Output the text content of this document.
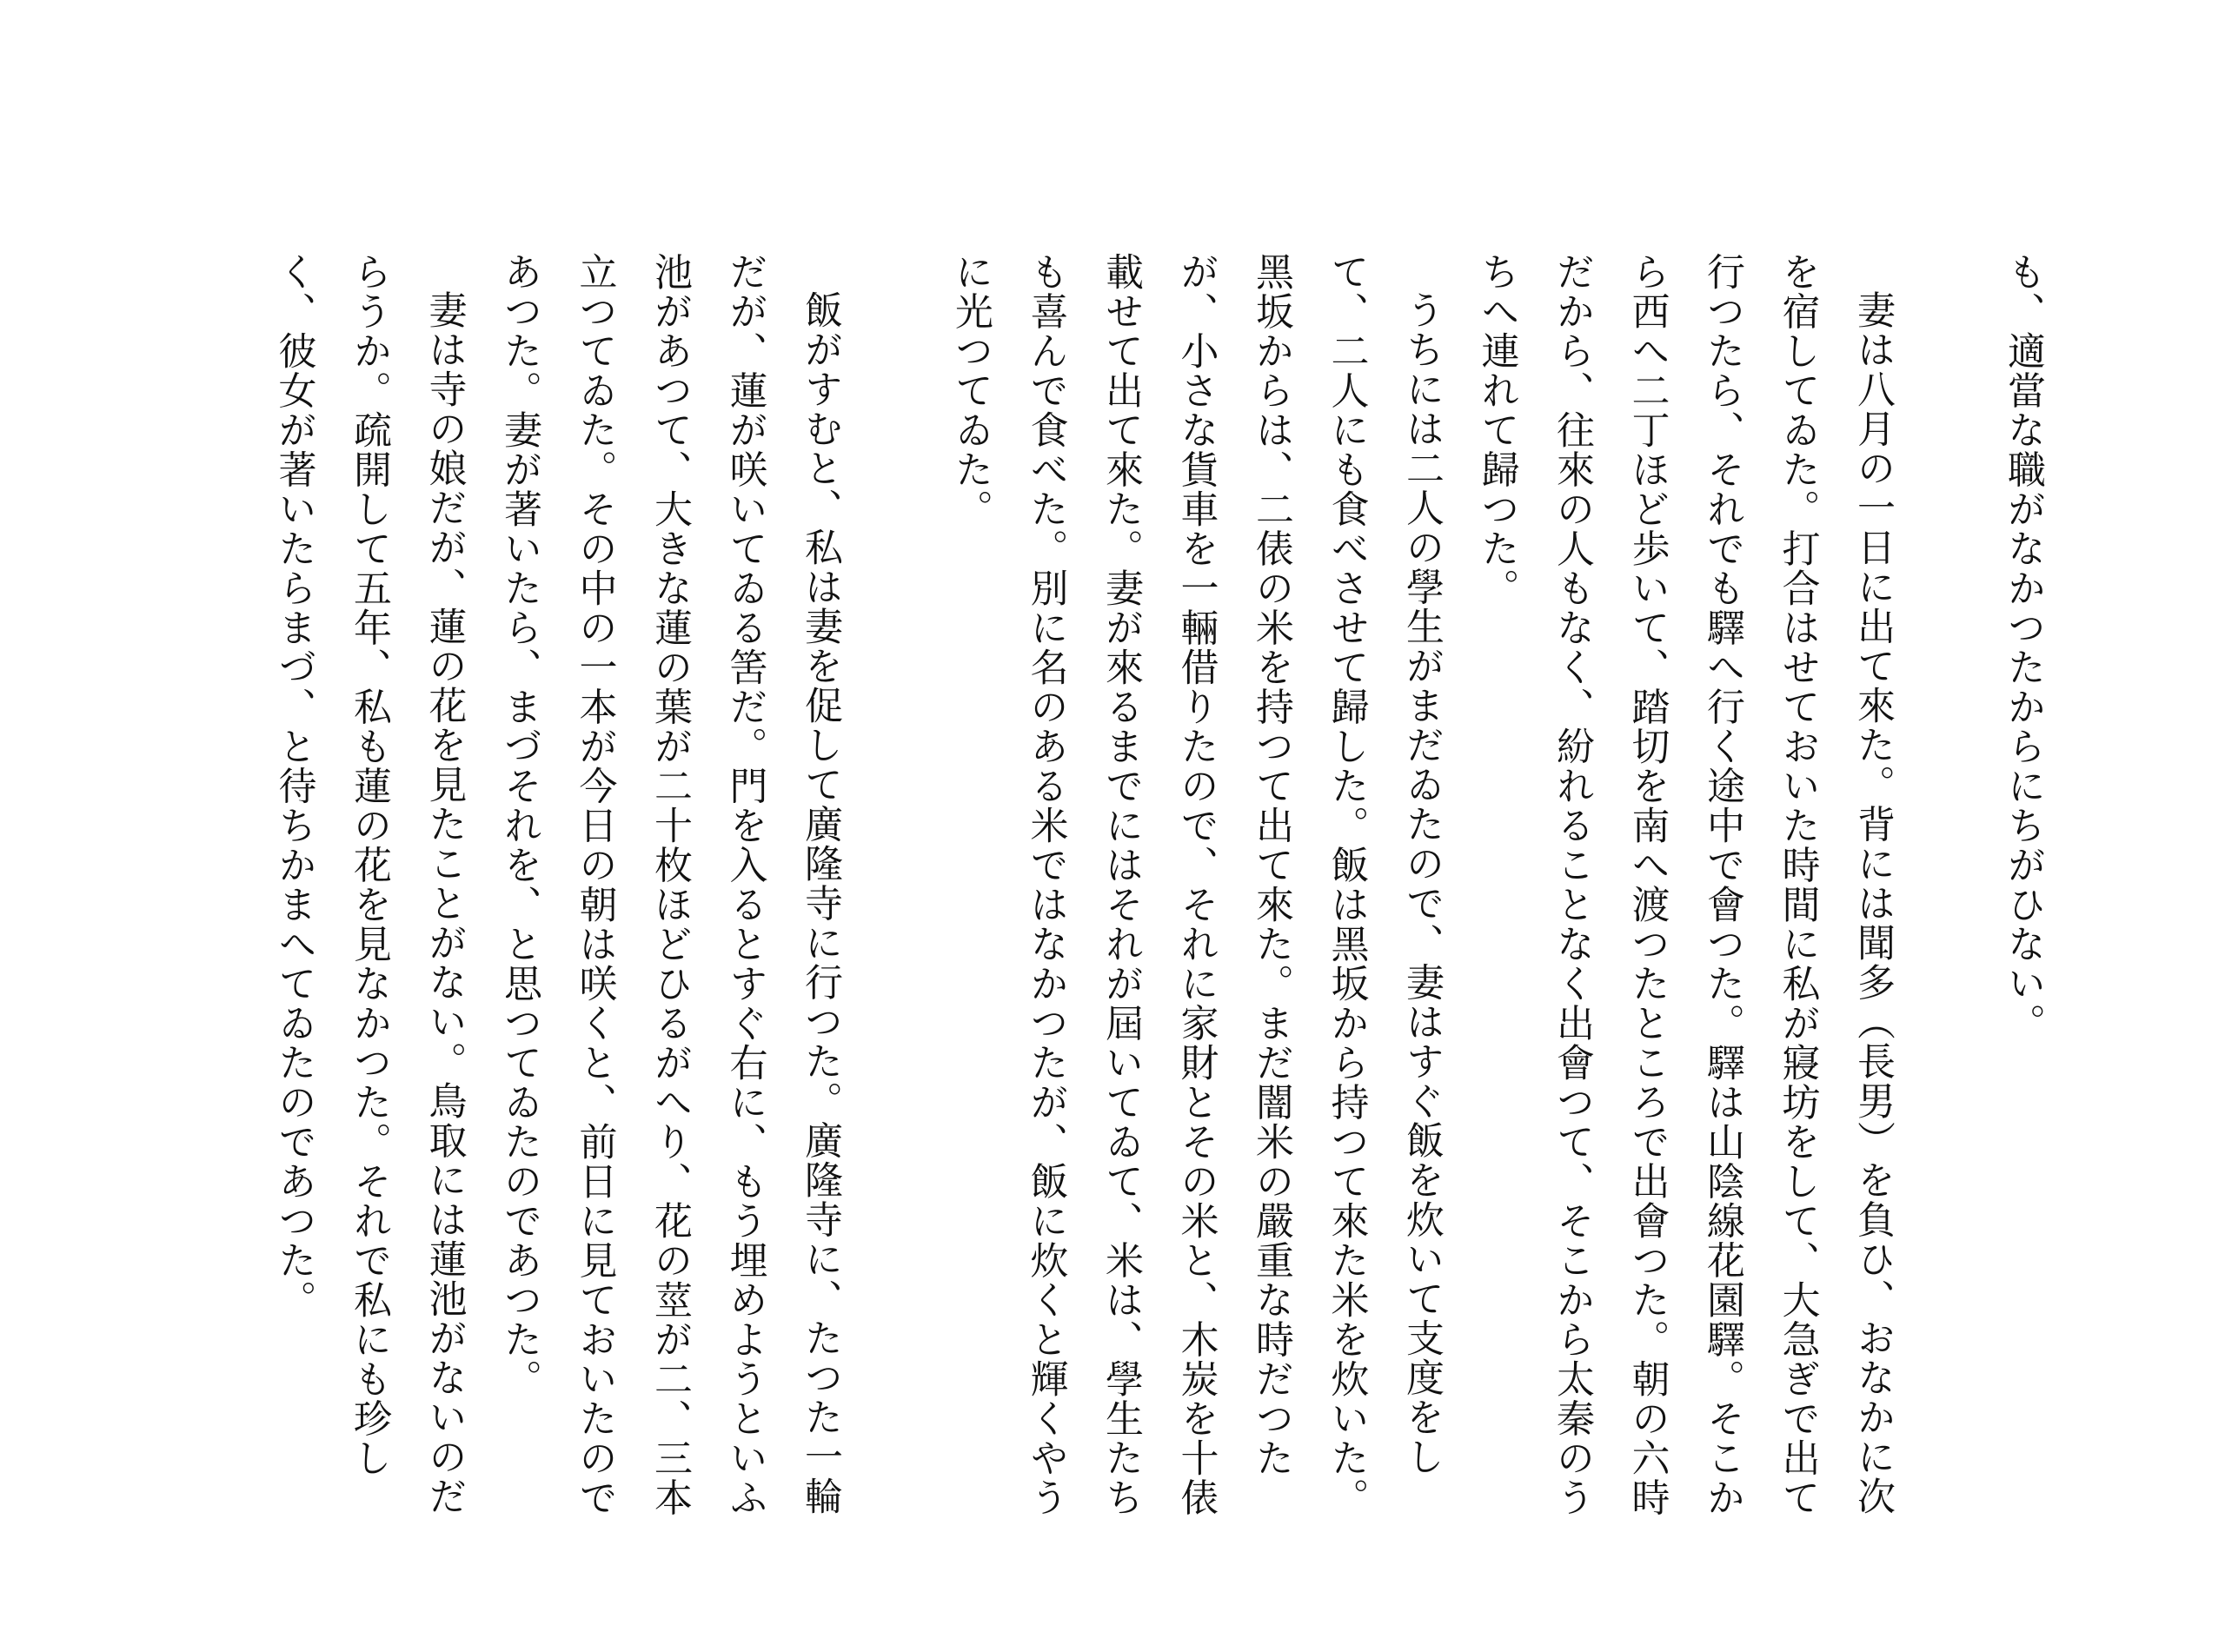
も、適當な職がなかつたからにちがひない。

妻は八月の一日に出て來た。背には聞多（長男）を負ひ、おなかに次を宿してゐた。打合はせておいた時間に私が寢坊をして、大急ぎで出て行つたら、それでも驛へ行く途中で會つた。驛は山陰線花園驛。そこから西へ二丁ほど歩いて、踏切を南へ渡つたところで出會つた。朝の六時だから、往來の人もなく、紛れることなく出會つて、そこから太秦のうちへ連れて歸つた。

うちには二人の學生がまだゐたので、妻はすぐ飯を炊いて支度をして、二人にも食べさせて歸した。飯は黑坂から持つて來た米を炊いた。黑坂からは、二俵の米を持つて出て來た。まだ闇米の嚴重な時だつたが、小さな貨車を一輛借りたので、それに家財とその米と、木炭を十俵載せて出て來た。妻が來るまでにはそれが屆いてゐて、米は、學生たちも喜んで食べた。別に名のある米ではなかつたが、飯に炊くと輝くやうに光つてゐた。

飯がすむと、私は妻を促して廣隆寺に行つた。廣隆寺に、たつた一輪だが、蓮が咲いてゐる筈だ。門を入るとすぐ右に、もう埋めようといふ池があつて、大きな蓮の葉が二十枚ほどひるがへり、花の莖が二、三本立つてゐた。その中の一本が今日の朝は咲くと、前日に見ておいたのであつた。妻が著いたら、まづそれを、と思つてゐたのであつた。

妻は寺の娘だが、蓮の花を見たことがない。鳥取には蓮池がないのだらうか。疏開して五年、私も蓮の花を見なかつた。それで私にも珍しく、彼女が著いたらまづ、と待ちかまへてゐたのであつた。
